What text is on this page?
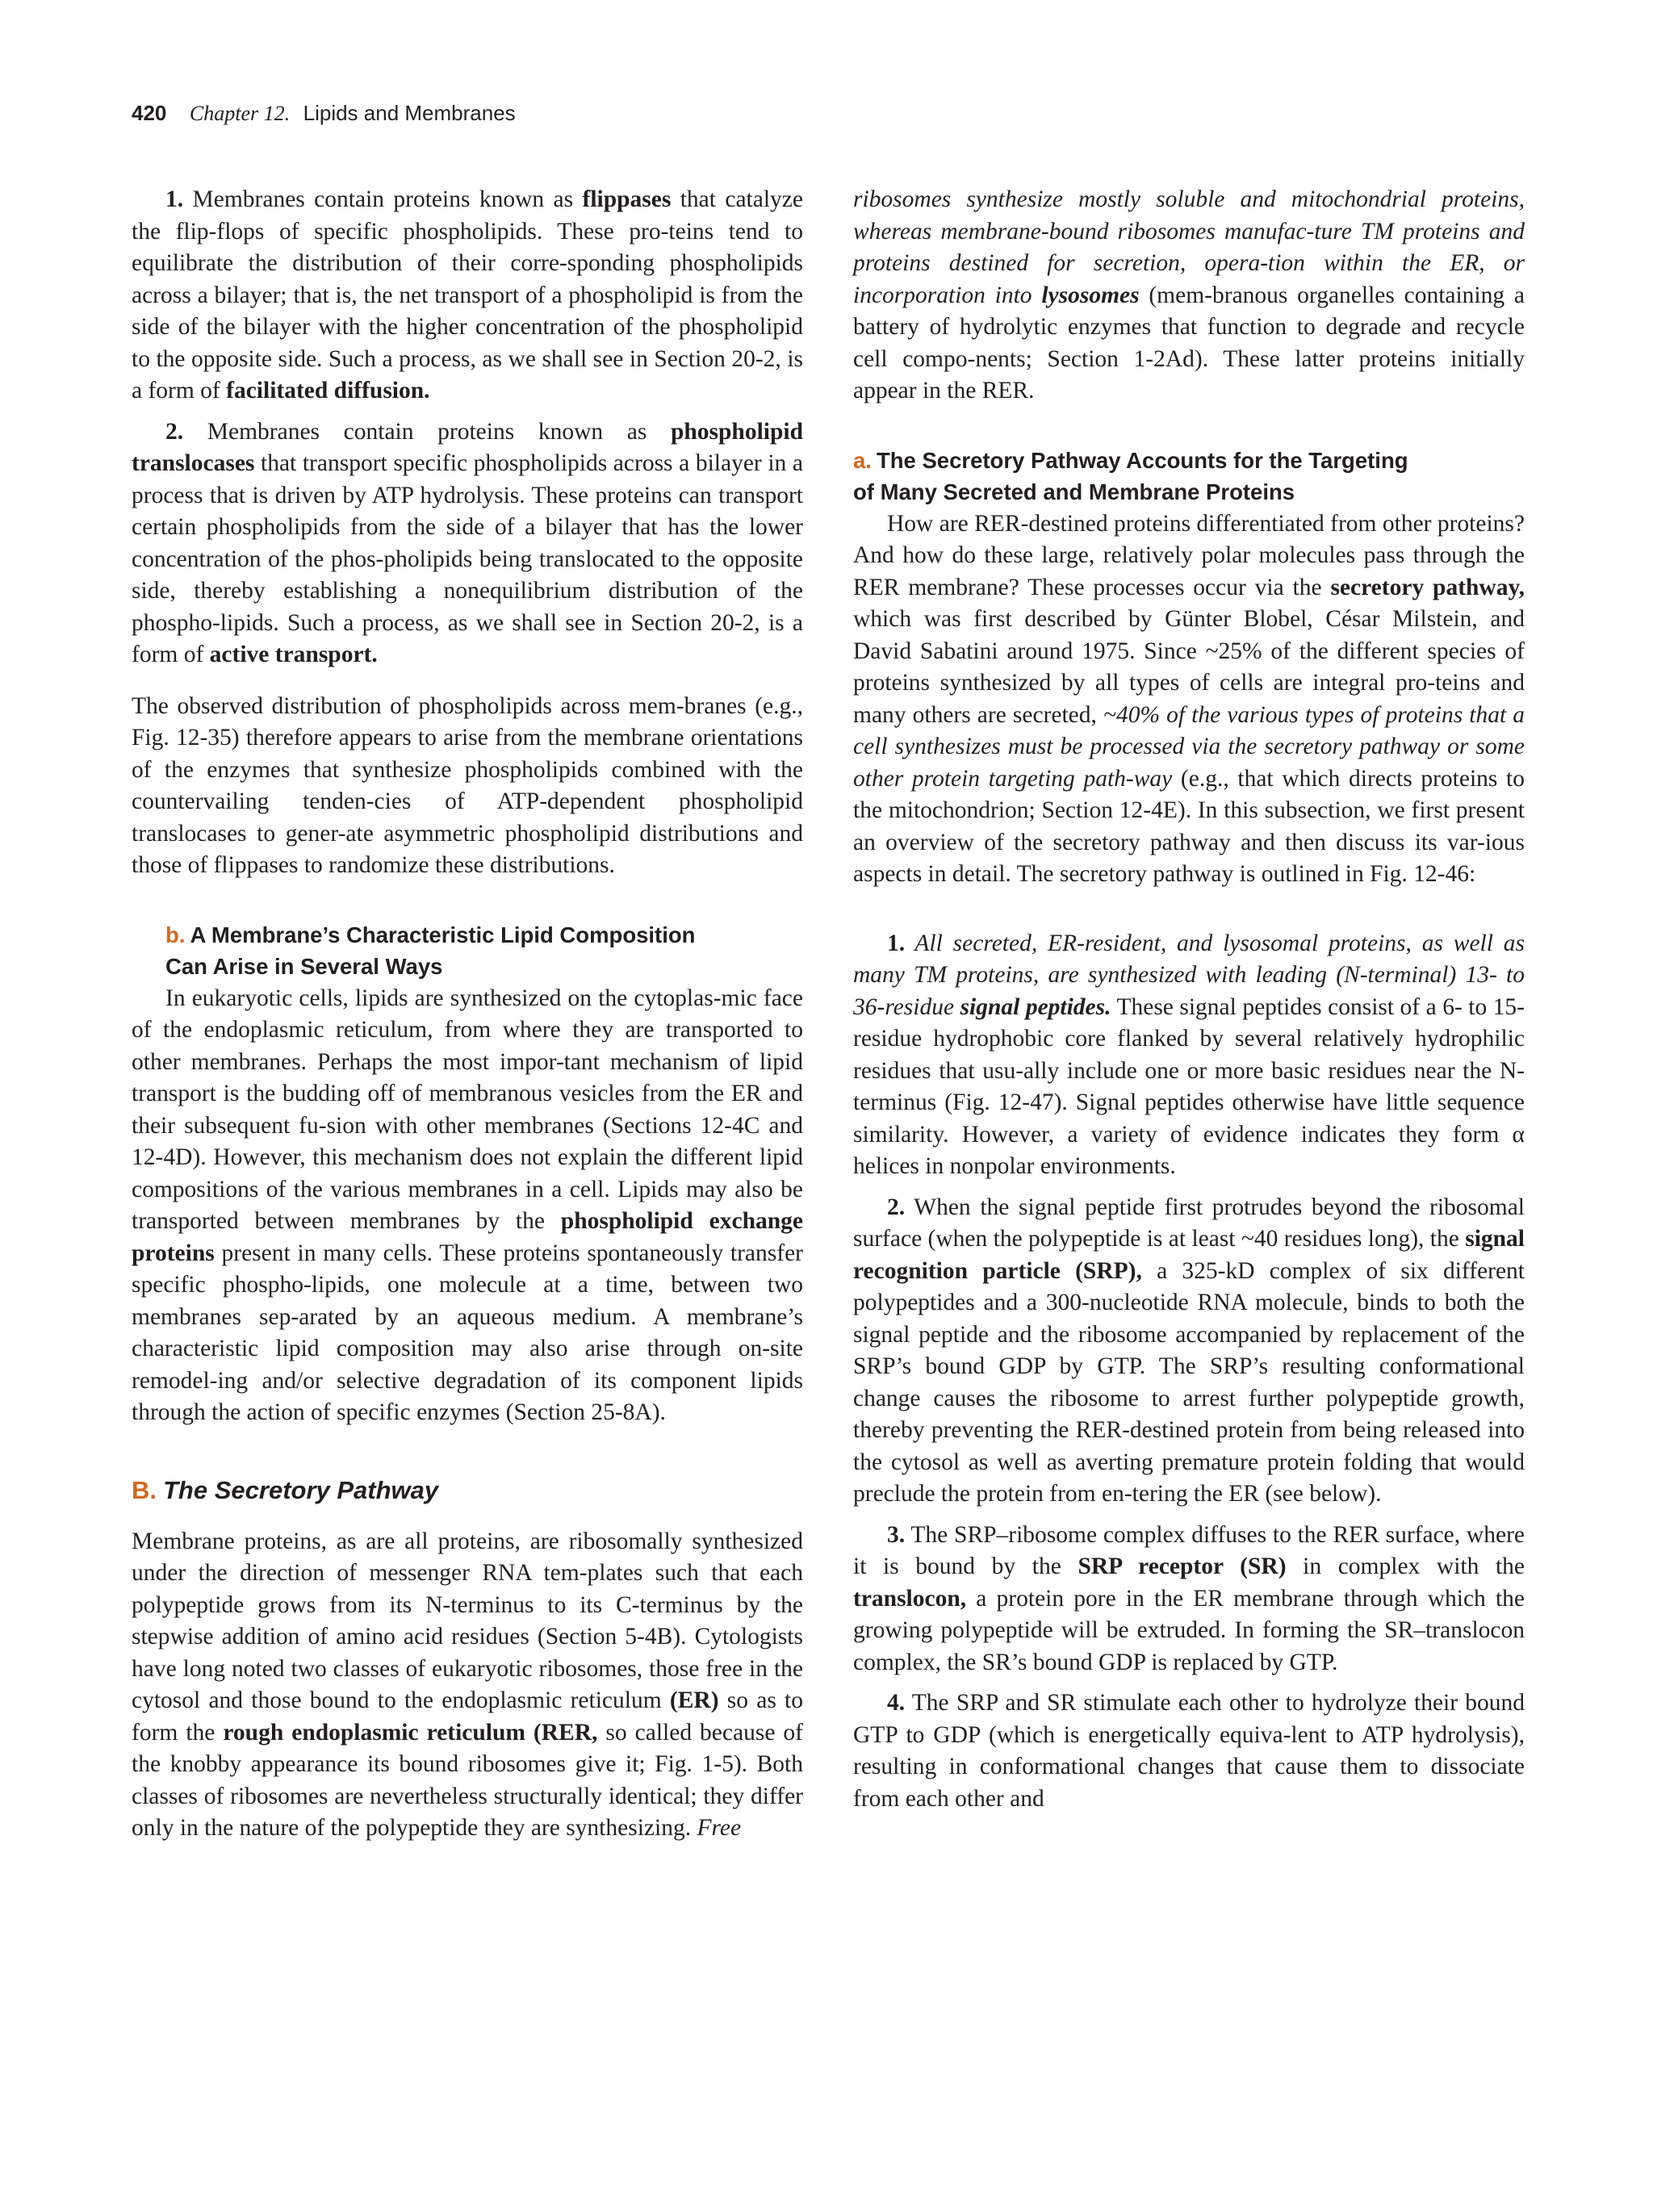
420 Chapter 12. Lipids and Membranes

1. Membranes contain proteins known as flippases that catalyze the flip-flops of specific phospholipids. These pro-teins tend to equilibrate the distribution of their corre-sponding phospholipids across a bilayer; that is, the net transport of a phospholipid is from the side of the bilayer with the higher concentration of the phospholipid to the opposite side. Such a process, as we shall see in Section 20-2, is a form of facilitated diffusion.

2. Membranes contain proteins known as phospholipid translocases that transport specific phospholipids across a bilayer in a process that is driven by ATP hydrolysis. These proteins can transport certain phospholipids from the side of a bilayer that has the lower concentration of the phos-pholipids being translocated to the opposite side, thereby establishing a nonequilibrium distribution of the phospho-lipids. Such a process, as we shall see in Section 20-2, is a form of active transport.

The observed distribution of phospholipids across mem-branes (e.g., Fig. 12-35) therefore appears to arise from the membrane orientations of the enzymes that synthesize phospholipids combined with the countervailing tenden-cies of ATP-dependent phospholipid translocases to gener-ate asymmetric phospholipid distributions and those of flippases to randomize these distributions.

b. A Membrane’s Characteristic Lipid Composition
Can Arise in Several Ways

In eukaryotic cells, lipids are synthesized on the cytoplas-mic face of the endoplasmic reticulum, from where they are transported to other membranes. Perhaps the most impor-tant mechanism of lipid transport is the budding off of membranous vesicles from the ER and their subsequent fu-sion with other membranes (Sections 12-4C and 12-4D). However, this mechanism does not explain the different lipid compositions of the various membranes in a cell. Lipids may also be transported between membranes by the phospholipid exchange proteins present in many cells. These proteins spontaneously transfer specific phospho-lipids, one molecule at a time, between two membranes sep-arated by an aqueous medium. A membrane’s characteristic lipid composition may also arise through on-site remodel-ing and/or selective degradation of its component lipids through the action of specific enzymes (Section 25-8A).

B. The Secretory Pathway

Membrane proteins, as are all proteins, are ribosomally synthesized under the direction of messenger RNA tem-plates such that each polypeptide grows from its N-terminus to its C-terminus by the stepwise addition of amino acid residues (Section 5-4B). Cytologists have long noted two classes of eukaryotic ribosomes, those free in the cytosol and those bound to the endoplasmic reticulum (ER) so as to form the rough endoplasmic reticulum (RER, so called because of the knobby appearance its bound ribosomes give it; Fig. 1-5). Both classes of ribosomes are nevertheless structurally identical; they differ only in the nature of the polypeptide they are synthesizing. Free

ribosomes synthesize mostly soluble and mitochondrial proteins, whereas membrane-bound ribosomes manufac-ture TM proteins and proteins destined for secretion, opera-tion within the ER, or incorporation into lysosomes (mem-branous organelles containing a battery of hydrolytic enzymes that function to degrade and recycle cell compo-nents; Section 1-2Ad). These latter proteins initially appear in the RER.

a. The Secretory Pathway Accounts for the Targeting
of Many Secreted and Membrane Proteins

How are RER-destined proteins differentiated from other proteins? And how do these large, relatively polar molecules pass through the RER membrane? These processes occur via the secretory pathway, which was first described by Günter Blobel, César Milstein, and David Sabatini around 1975. Since ~25% of the different species of proteins synthesized by all types of cells are integral pro-teins and many others are secreted, ~40% of the various types of proteins that a cell synthesizes must be processed via the secretory pathway or some other protein targeting path-way (e.g., that which directs proteins to the mitochondrion; Section 12-4E). In this subsection, we first present an overview of the secretory pathway and then discuss its var-ious aspects in detail. The secretory pathway is outlined in Fig. 12-46:

1. All secreted, ER-resident, and lysosomal proteins, as well as many TM proteins, are synthesized with leading (N-terminal) 13- to 36-residue signal peptides. These signal peptides consist of a 6- to 15-residue hydrophobic core flanked by several relatively hydrophilic residues that usu-ally include one or more basic residues near the N-terminus (Fig. 12-47). Signal peptides otherwise have little sequence similarity. However, a variety of evidence indicates they form α helices in nonpolar environments.

2. When the signal peptide first protrudes beyond the ribosomal surface (when the polypeptide is at least ~40 residues long), the signal recognition particle (SRP), a 325-kD complex of six different polypeptides and a 300-nucleotide RNA molecule, binds to both the signal peptide and the ribosome accompanied by replacement of the SRP’s bound GDP by GTP. The SRP’s resulting conformational change causes the ribosome to arrest further polypeptide growth, thereby preventing the RER-destined protein from being released into the cytosol as well as averting premature protein folding that would preclude the protein from en-tering the ER (see below).

3. The SRP–ribosome complex diffuses to the RER surface, where it is bound by the SRP receptor (SR) in complex with the translocon, a protein pore in the ER membrane through which the growing polypeptide will be extruded. In forming the SR–translocon complex, the SR’s bound GDP is replaced by GTP.

4. The SRP and SR stimulate each other to hydrolyze their bound GTP to GDP (which is energetically equiva-lent to ATP hydrolysis), resulting in conformational changes that cause them to dissociate from each other and
